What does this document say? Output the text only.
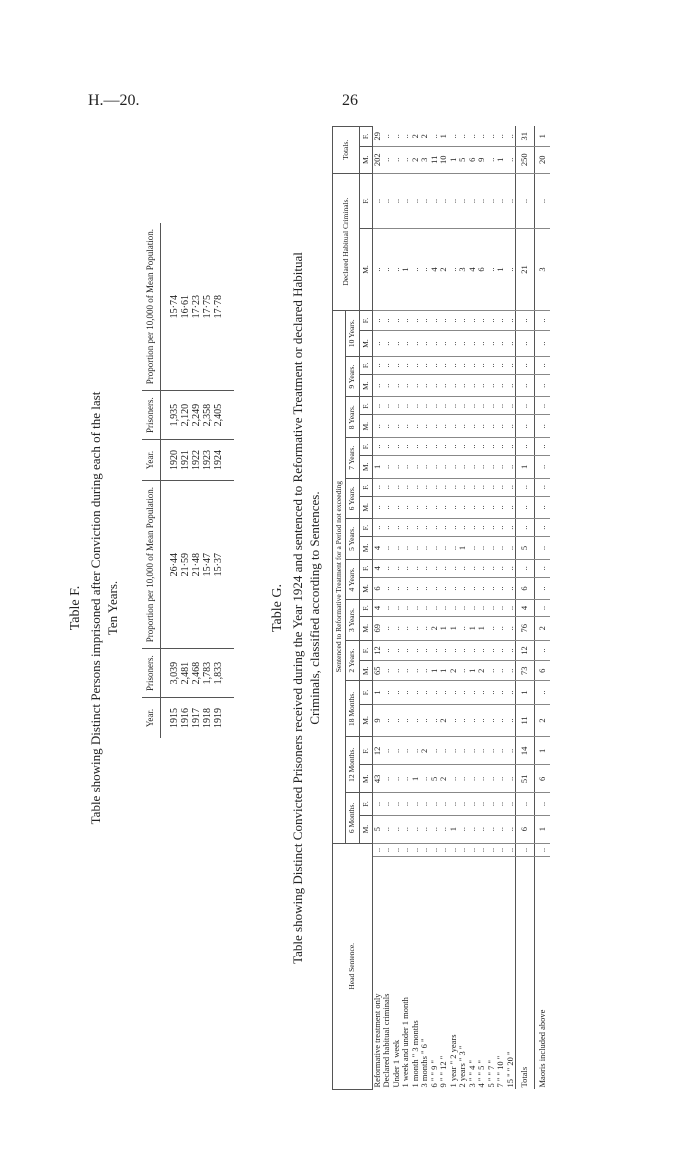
H.—20.	26
Table F. Table showing Distinct Persons imprisoned after Conviction during each of the last Ten Years.
Year.	Prisoners.	Proportion per 10,000 of Mean Population.	Year.	Prisoners.	Proportion per 10,000 of Mean Population.
1915	3,039	26·44	1920	1,935	15·74
1916	2,481	21·59	1921	2,120	16·61
1917	2,468	21·48	1922	2,249	17·23
1918	1,783	15·47	1923	2,358	17·75
1919	1,833	15·37	1924	2,405	17·78
Table G. Table showing Distinct Convicted Prisoners received during the Year 1924 and sentenced to Reformative Treatment or declared Habitual Criminals, classified according to Sentences.
Head Sentence.		Sentenced to Reformative Treatment for a Period not exceeding																								Declared Habitual Criminals.		Totals.	
		6 Months.		12 Months.		18 Months.		2 Years.		3 Years.		4 Years.		5 Years.		6 Years.		7 Years.		8 Years.		9 Years.		10 Years.					
		M.	F.	M.	F.	M.	F.	M.	F.	M.	F.	M.	F.	M.	F.	M.	F.	M.	F.	M.	F.	M.	F.	M.	F.	M.	F.	M.	F.
Reformative treatment only	..	5	..	43	12	9	1	65	12	69	4	6	4	4	..	..	..	1	..	..	..	..	..	..	..	..	..	202	29
Declared habitual criminals	..	..	..	..	..	..	..	..	..	..	..	..	..	..	..	..	..	..	..	..	..	..	..	..	..	..	..	..	..
Under 1 week	..	..	..	..	..	..	..	..	..	..	..	..	..	..	..	..	..	..	..	..	..	..	..	..	..	..	..	..	..
1 week and under 1 month	..	..	..	..	..	..	..	..	..	..	..	..	..	..	..	..	..	..	..	..	..	..	..	..	..	1	..	..	..
1 month " 3 months	..	..	..	1	..	..	..	..	..	..	..	..	..	..	..	..	..	..	..	..	..	..	..	..	..	..	..	2	2
3 months " 6 "	..	..	..	..	2	..	..	..	..	..	..	..	..	..	..	..	..	..	..	..	..	..	..	..	..	..	..	3	2
6 " " 9 "	..	..	..	5	..	..	..	1	..	2	..	..	..	..	..	..	..	..	..	..	..	..	..	..	..	4	..	11	..
9 " " 12 "	..	..	..	2	..	2	..	1	..	1	..	..	..	..	..	..	..	..	..	..	..	..	..	..	..	2	..	10	1
1 year " 2 years	..	1	..	..	..	..	..	2	..	1	..	..	..	..	..	..	..	..	..	..	..	..	..	..	..	..	..	1	..
2 years " 3 "	..	..	..	..	..	..	..	..	..	..	..	..	..	1	..	..	..	..	..	..	..	..	..	..	..	3	..	5	..
3 " " 4 "	..	..	..	..	..	..	..	1	..	1	..	..	..	..	..	..	..	..	..	..	..	..	..	..	..	4	..	6	..
4 " " 5 "	..	..	..	..	..	..	..	2	..	1	..	..	..	..	..	..	..	..	..	..	..	..	..	..	..	6	..	9	..
5 " " 7 "	..	..	..	..	..	..	..	..	..	..	..	..	..	..	..	..	..	..	..	..	..	..	..	..	..	..	..	..	..
7 " " 10 "	..	..	..	..	..	..	..	..	..	..	..	..	..	..	..	..	..	..	..	..	..	..	..	..	..	1	..	1	..
15 " " 20 "	..	..	..	..	..	..	..	..	..	..	..	..	..	..	..	..	..	..	..	..	..	..	..	..	..	..	..	..	..
Totals	..	6	..	51	14	11	1	73	12	76	4	6	..	5	..	..	..	1	..	..	..	..	..	..	..	21	..	250	31
Maoris included above	..	1	..	6	1	2	..	6	..	2	..	..	..	..	..	..	..	..	..	..	..	..	..	..	..	3	..	20	1
